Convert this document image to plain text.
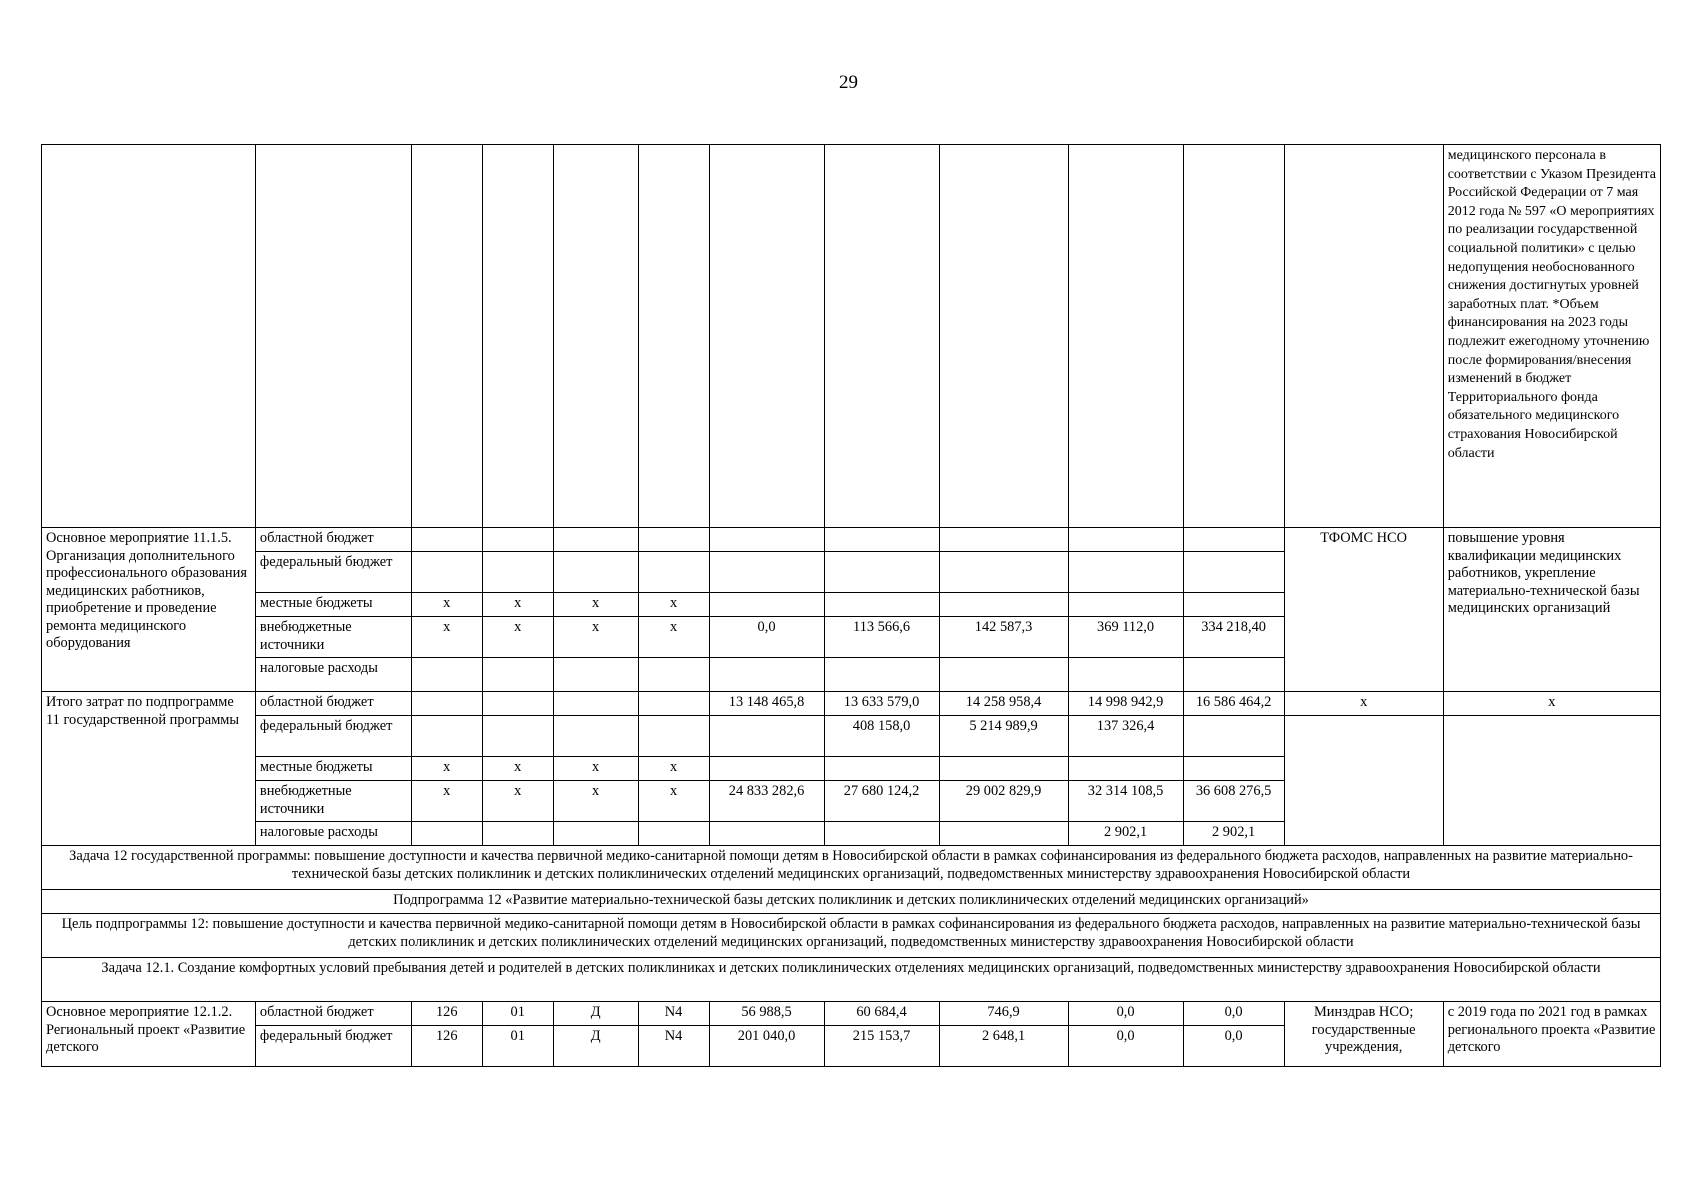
29
												медицинского персонала в соответствии с Указом Президента Российской Федерации от 7 мая 2012 года № 597 «О мероприятиях по реализации государственной социальной политики» с целью недопущения необоснованного снижения достигнутых уровней заработных плат. *Объем финансирования на 2023 годы подлежит ежегодному уточнению после формирования/внесения изменений в бюджет Территориального фонда обязательного медицинского страхования Новосибирской области
Основное мероприятие 11.1.5. Организация дополнительного профессионального образования медицинских работников, приобретение и проведение ремонта медицинского оборудования	областной бюджет										ТФОМС НСО	повышение уровня квалификации медицинских работников, укрепление материально-технической базы медицинских организаций
	федеральный бюджет											
	местные бюджеты	х	х	х	х							
	внебюджетные источники	х	х	х	х	0,0	113 566,6	142 587,3	369 112,0	334 218,40		
	налоговые расходы											
Итого затрат по подпрограмме 11 государственной программы	областной бюджет					13 148 465,8	13 633 579,0	14 258 958,4	14 998 942,9	16 586 464,2	х	х
	федеральный бюджет						408 158,0	5 214 989,9	137 326,4			
	местные бюджеты	х	х	х	х							
	внебюджетные источники	х	х	х	х	24 833 282,6	27 680 124,2	29 002 829,9	32 314 108,5	36 608 276,5		
	налоговые расходы								2 902,1	2 902,1		
Задача 12 государственной программы: повышение доступности и качества первичной медико-санитарной помощи детям в Новосибирской области в рамках софинансирования из федерального бюджета расходов, направленных на развитие материально-технической базы детских поликлиник и детских поликлинических отделений медицинских организаций, подведомственных министерству здравоохранения Новосибирской области												
Подпрограмма 12 «Развитие материально-технической базы детских поликлиник и детских поликлинических отделений медицинских организаций»												
Цель подпрограммы 12: повышение доступности и качества первичной медико-санитарной помощи детям в Новосибирской области в рамках софинансирования из федерального бюджета расходов, направленных на развитие материально-технической базы детских поликлиник и детских поликлинических отделений медицинских организаций, подведомственных министерству здравоохранения Новосибирской области												
Задача 12.1. Создание комфортных условий пребывания детей и родителей в детских поликлиниках и детских поликлинических отделениях медицинских организаций, подведомственных министерству здравоохранения Новосибирской области												
Основное мероприятие 12.1.2. Региональный проект «Развитие детского	областной бюджет	126	01	Д	N4	56 988,5	60 684,4	746,9	0,0	0,0	Минздрав НСО; государственные учреждения,	с 2019 года по 2021 год в рамках регионального проекта «Развитие детского
	федеральный бюджет	126	01	Д	N4	201 040,0	215 153,7	2 648,1	0,0	0,0		
